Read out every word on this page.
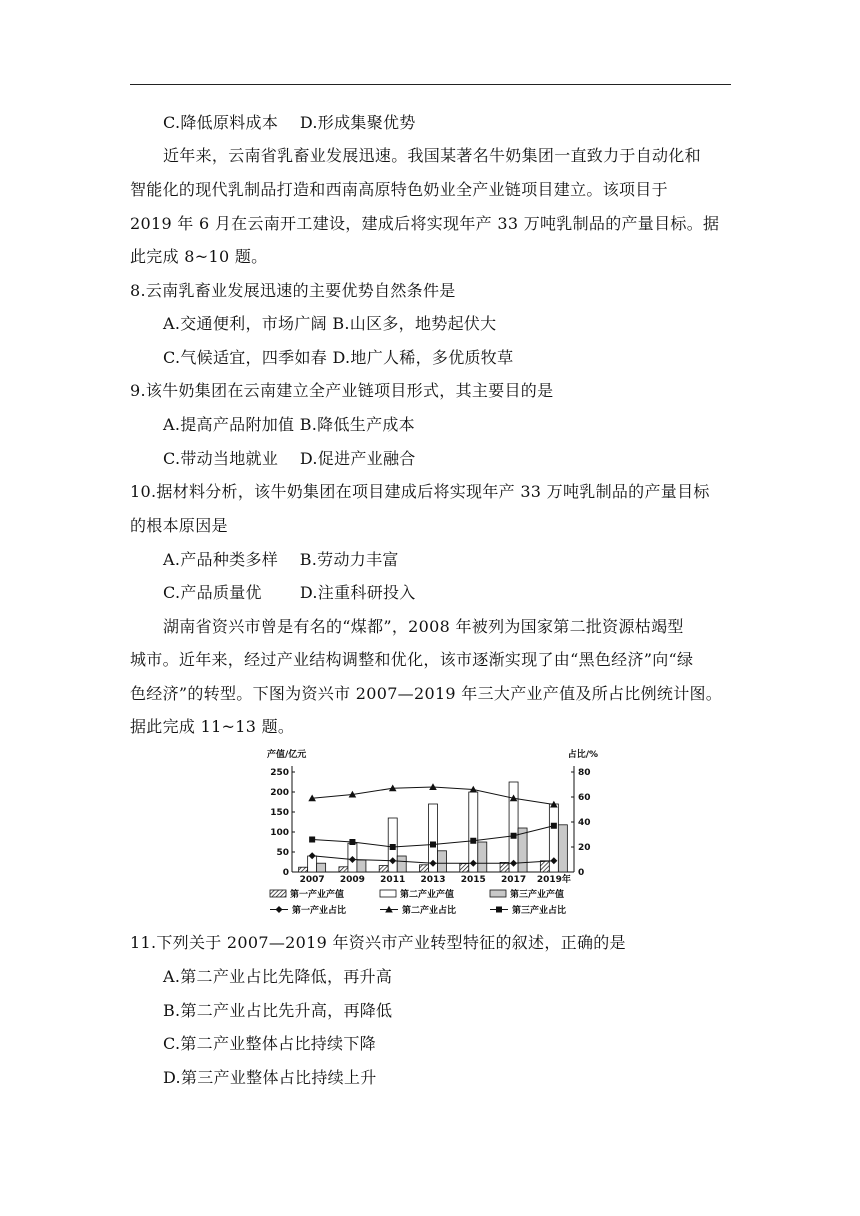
C.降低原料成本　 D.形成集聚优势
近年来，云南省乳畜业发展迅速。我国某著名牛奶集团一直致力于自动化和
智能化的现代乳制品打造和西南高原特色奶业全产业链项目建立。该项目于
2019 年 6 月在云南开工建设，建成后将实现年产 33 万吨乳制品的产量目标。据
此完成 8~10 题。
8.云南乳畜业发展迅速的主要优势自然条件是
A.交通便利，市场广阔 B.山区多，地势起伏大
C.气候适宜，四季如春 D.地广人稀，多优质牧草
9.该牛奶集团在云南建立全产业链项目形式，其主要目的是
A.提高产品附加值 B.降低生产成本
C.带动当地就业　 D.促进产业融合
10.据材料分析，该牛奶集团在项目建成后将实现年产 33 万吨乳制品的产量目标
的根本原因是
A.产品种类多样　 B.劳动力丰富
C.产品质量优　　 D.注重科研投入
湖南省资兴市曾是有名的“煤都”，2008 年被列为国家第二批资源枯竭型
城市。近年来，经过产业结构调整和优化，该市逐渐实现了由“黑色经济”向“绿
色经济”的转型。下图为资兴市 2007—2019 年三大产业产值及所占比例统计图。
据此完成 11~13 题。
产值/亿元	占比/%
0
50
100
150
200
250
0
20
40
60
80
2007 2009 2011 2013 2015 2017 2019年
第一产业产值	第二产业产值	第三产业产值
第一产业占比	第二产业占比	第三产业占比
11.下列关于 2007—2019 年资兴市产业转型特征的叙述，正确的是
A.第二产业占比先降低，再升高
B.第二产业占比先升高，再降低
C.第二产业整体占比持续下降
D.第三产业整体占比持续上升
